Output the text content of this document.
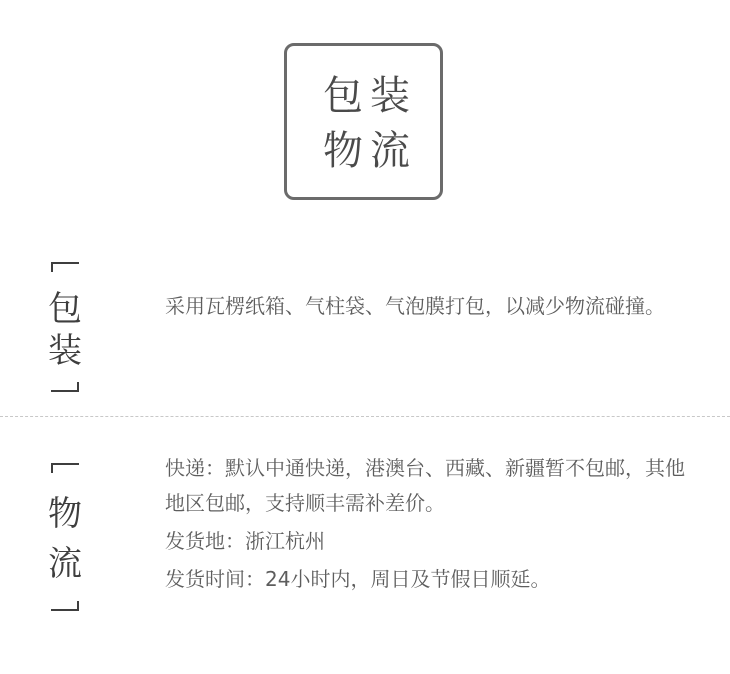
包 装
物 流
包
装

采用瓦楞纸箱、气柱袋、气泡膜打包，以减少物流碰撞。

物
流

快递：默认中通快递，港澳台、西藏、新疆暂不包邮，其他地区包邮，支持顺丰需补差价。

发货地：浙江杭州

发货时间：24小时内，周日及节假日顺延。
